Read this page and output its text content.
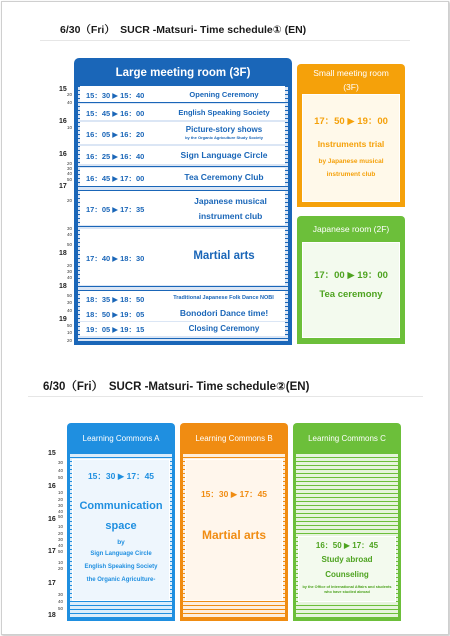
6/30（Fri）　SUCR -Matsuri- Time schedule① (EN)
15
16
16
17
18
18
19
20
40
10
20
30
40
50
20
30
40
50
20
30
40
50
30
40
50
10
20
Large meeting room (3F)
15：30 ▶ 15：40	Opening Ceremony
15：45 ▶ 16：00	English Speaking Society
16：05 ▶ 16：20
Picture-story shows
by the Organic Agriculture Study Society
16：25 ▶ 16：40	Sign Language Circle
16：45 ▶ 17：00	Tea Ceremony Club
17：05 ▶ 17：35
Japanese musical instrument club
17：40 ▶ 18：30	Martial arts
18：35 ▶ 18：50	Traditional Japanese Folk Dance NOBI
18：50 ▶ 19：05	Bonodori Dance time!
19：05 ▶ 19：15	Closing Ceremony
Small meeting room (3F)
17：50 ▶ 19：00
Instruments trial
by Japanese musical instrument club
Japanese room (2F)
17：00 ▶ 19：00
Tea ceremony
6/30（Fri）　SUCR -Matsuri- Time schedule②(EN)
15
16
16
17
17
18
30
40
50
10
20
30
40
50
10
20
30
40
50
10
20
30
40
50
Learning Commons A
15：30 ▶ 17：45
Communication space
by
Sign Language Circle
English Speaking Society
the Organic Agriculture-
Learning Commons B
15：30 ▶ 17：45
Martial arts
Learning Commons C
16：50 ▶ 17：45
Study abroad Counseling
by the Office of International Affairs and students who have studied abroad
